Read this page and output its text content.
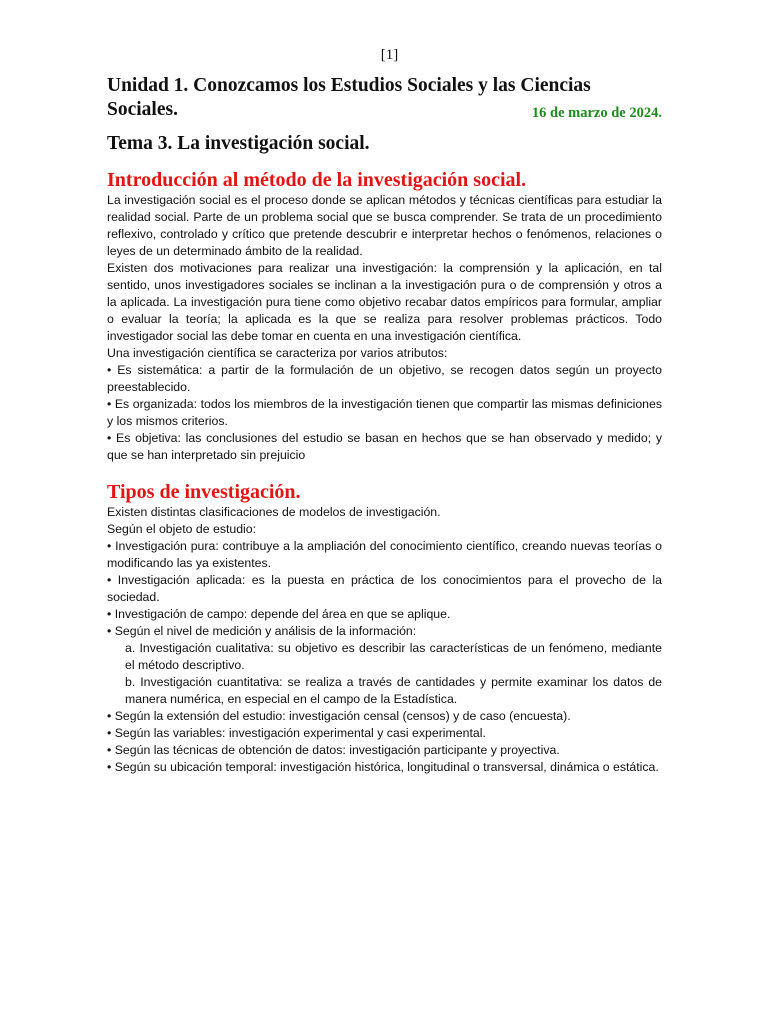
[1]
Unidad 1. Conozcamos los Estudios Sociales y las Ciencias
Sociales.	16 de marzo de 2024.
Tema 3. La investigación social.
Introducción al método de la investigación social.

La investigación social es el proceso donde se aplican métodos y técnicas científicas para estudiar la realidad social. Parte de un problema social que se busca comprender. Se trata de un procedimiento reflexivo, controlado y crítico que pretende descubrir e interpretar hechos o fenómenos, relaciones o leyes de un determinado ámbito de la realidad.

Existen dos motivaciones para realizar una investigación: la comprensión y la aplicación, en tal sentido, unos investigadores sociales se inclinan a la investigación pura o de comprensión y otros a la aplicada. La investigación pura tiene como objetivo recabar datos empíricos para formular, ampliar o evaluar la teoría; la aplicada es la que se realiza para resolver problemas prácticos. Todo investigador social las debe tomar en cuenta en una investigación científica.

Una investigación científica se caracteriza por varios atributos:

• Es sistemática: a partir de la formulación de un objetivo, se recogen datos según un proyecto preestablecido.

• Es organizada: todos los miembros de la investigación tienen que compartir las mismas definiciones y los mismos criterios.

• Es objetiva: las conclusiones del estudio se basan en hechos que se han observado y medido; y que se han interpretado sin prejuicio

Tipos de investigación.

Existen distintas clasificaciones de modelos de investigación.

Según el objeto de estudio:

• Investigación pura: contribuye a la ampliación del conocimiento científico, creando nuevas teorías o modificando las ya existentes.

• Investigación aplicada: es la puesta en práctica de los conocimientos para el provecho de la sociedad.

• Investigación de campo: depende del área en que se aplique.

• Según el nivel de medición y análisis de la información:

a. Investigación cualitativa: su objetivo es describir las características de un fenómeno, mediante el método descriptivo.

b. Investigación cuantitativa: se realiza a través de cantidades y permite examinar los datos de manera numérica, en especial en el campo de la Estadística.

• Según la extensión del estudio: investigación censal (censos) y de caso (encuesta).

• Según las variables: investigación experimental y casi experimental.

• Según las técnicas de obtención de datos: investigación participante y proyectiva.

• Según su ubicación temporal: investigación histórica, longitudinal o transversal, dinámica o estática.
